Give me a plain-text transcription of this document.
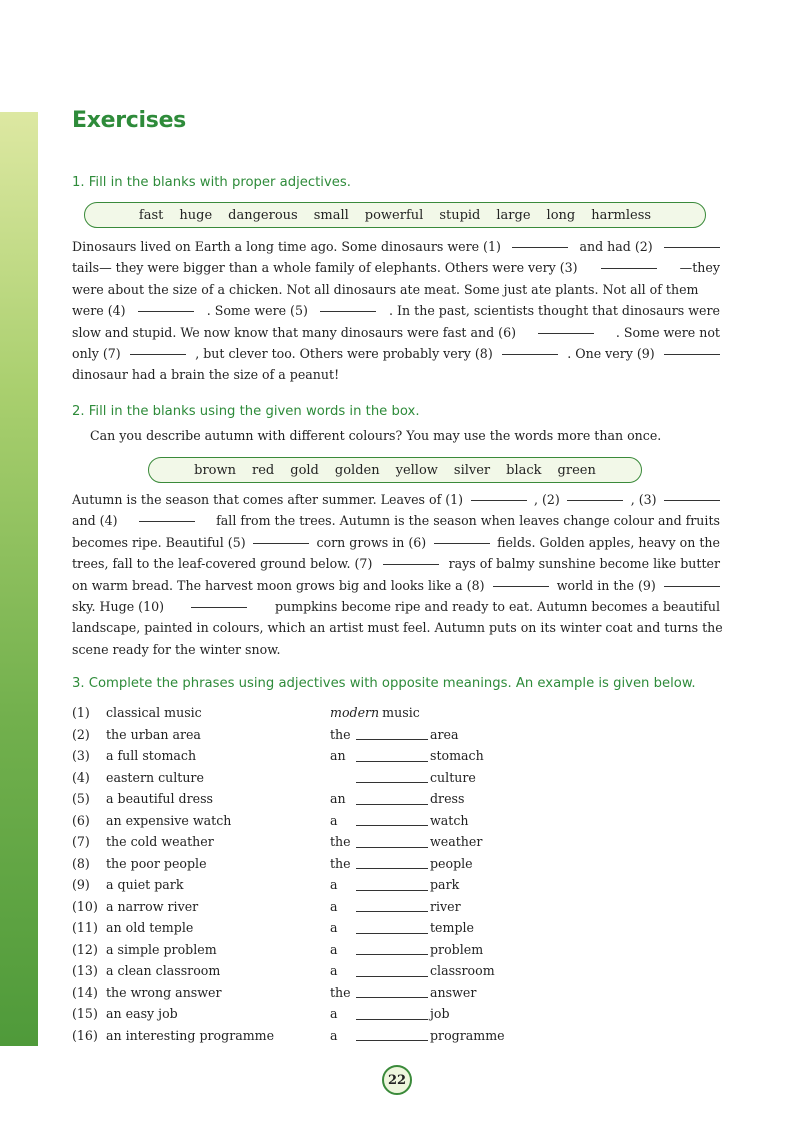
Exercises

1. Fill in the blanks with proper adjectives.

fast huge dangerous small powerful stupid large long harmless
Dinosaurs lived on Earth a long time ago. Some dinosaurs were (1)	and had (2)
tails— they were bigger than a whole family of elephants. Others were very (3)	—they
were about the size of a chicken. Not all dinosaurs ate meat. Some just ate plants. Not all of them
were (4)	. Some were (5)	. In the past, scientists thought that dinosaurs were
slow and stupid. We now know that many dinosaurs were fast and (6)	. Some were not
only (7)	, but clever too. Others were probably very (8)	. One very (9)
dinosaur had a brain the size of a peanut!

2. Fill in the blanks using the given words in the box.

Can you describe autumn with different colours? You may use the words more than once.

brown red gold golden yellow silver black green
Autumn is the season that comes after summer. Leaves of (1)	, (2)	, (3)
and (4)	fall from the trees. Autumn is the season when leaves change colour and fruits
becomes ripe. Beautiful (5)	corn grows in (6)	fields. Golden apples, heavy on the
trees, fall to the leaf-covered ground below. (7)	rays of balmy sunshine become like butter
on warm bread. The harvest moon grows big and looks like a (8)	world in the (9)
sky. Huge (10)	pumpkins become ripe and ready to eat. Autumn becomes a beautiful
landscape, painted in colours, which an artist must feel. Autumn puts on its winter coat and turns the
scene ready for the winter snow.

3. Complete the phrases using adjectives with opposite meanings. An example is given below.

(1)	classical music	modern music
(2)	the urban area	the	area
(3)	a full stomach	an	stomach
(4)	eastern culture	culture
(5)	a beautiful dress	an	dress
(6)	an expensive watch	a	watch
(7)	the cold weather	the	weather
(8)	the poor people	the	people
(9)	a quiet park	a	park
(10) a narrow river	a	river
(11) an old temple	a	temple
(12) a simple problem	a	problem
(13) a clean classroom	a	classroom
(14) the wrong answer	the	answer
(15) an easy job	a	job
(16) an interesting programme	a	programme
22
